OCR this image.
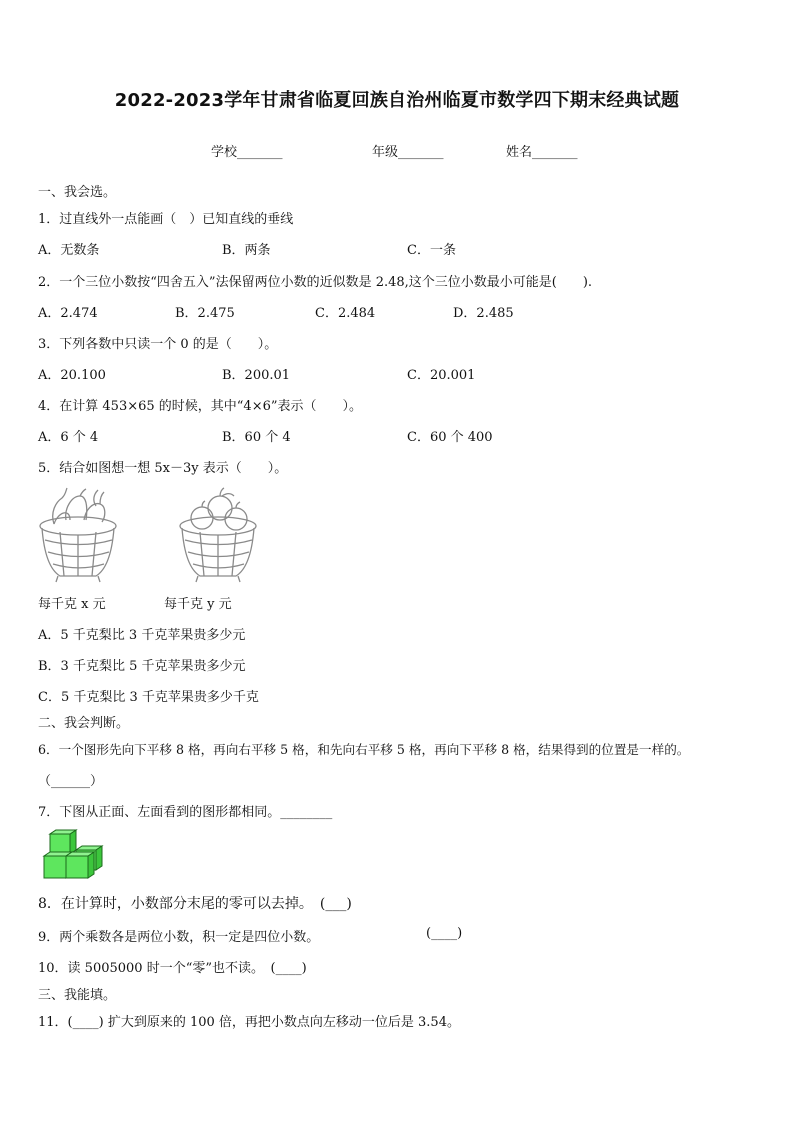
2022-2023学年甘肃省临夏回族自治州临夏市数学四下期末经典试题
学校_______	年级_______	姓名_______
一、我会选。
1．过直线外一点能画（　）已知直线的垂线
A．无数条	B．两条	C．一条
2．一个三位小数按“四舍五入”法保留两位小数的近似数是 2.48,这个三位小数最小可能是(　　).
A．2.474	B．2.475	C．2.484	D．2.485
3．下列各数中只读一个 0 的是（　　）。
A．20.100	B．200.01	C．20.001
4．在计算 453×65 的时候，其中“4×6”表示（　　）。
A．6 个 4	B．60 个 4	C．60 个 400
5．结合如图想一想 5x－3y 表示（　　）。
每千克 x 元	每千克 y 元
A．5 千克梨比 3 千克苹果贵多少元
B．3 千克梨比 5 千克苹果贵多少元
C．5 千克梨比 3 千克苹果贵多少千克
二、我会判断。
6．一个图形先向下平移 8 格，再向右平移 5 格，和先向右平移 5 格，再向下平移 8 格，结果得到的位置是一样的。
（______）
7．下图从正面、左面看到的图形都相同。________
8．在计算时，小数部分末尾的零可以去掉。　(___)
9．两个乘数各是两位小数，积一定是四位小数。	(____)
10．读 5005000 时一个“零”也不读。　(____)
三、我能填。
11．(____) 扩大到原来的 100 倍，再把小数点向左移动一位后是 3.54。
